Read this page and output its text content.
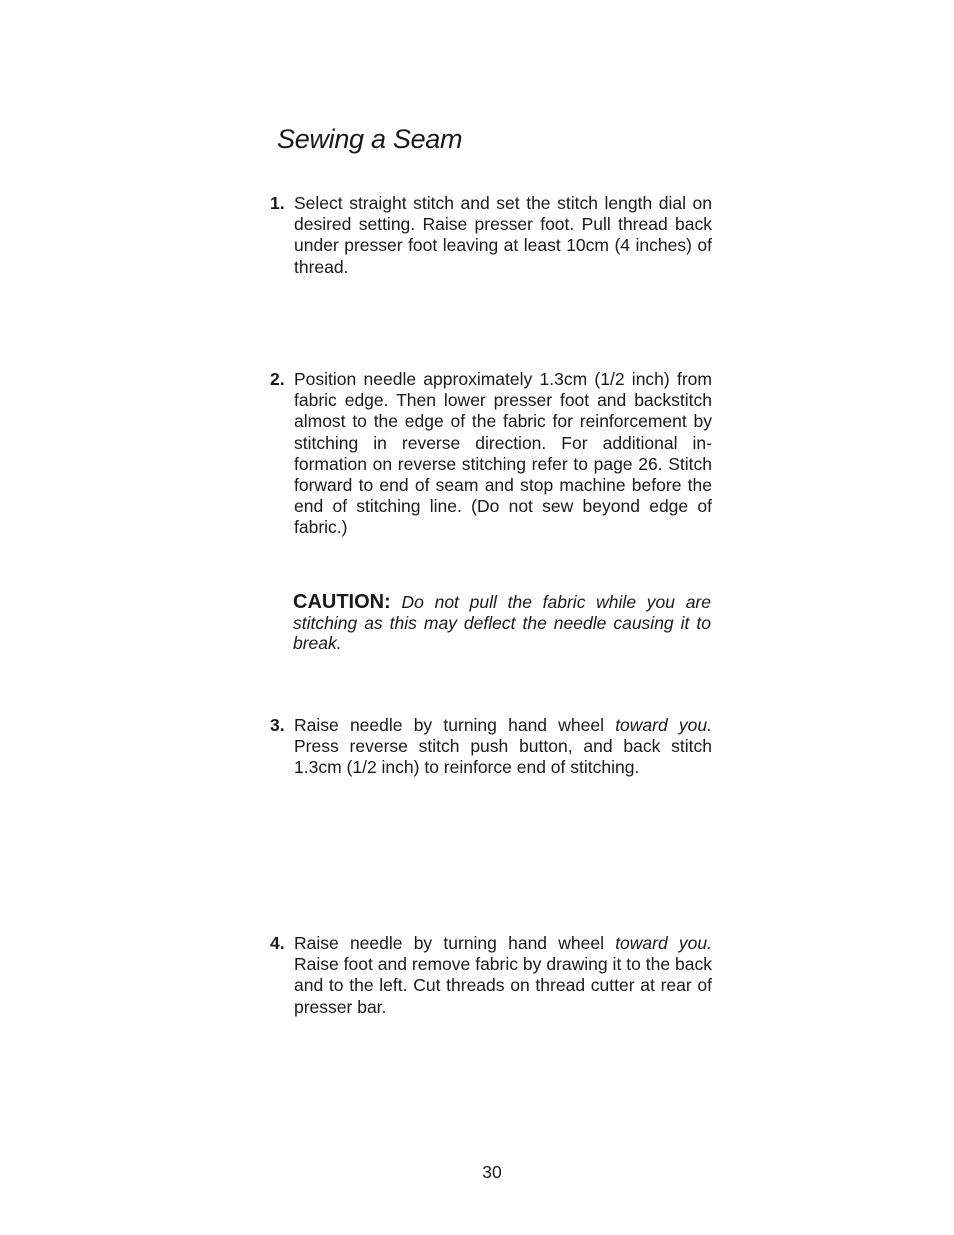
Sewing a Seam
1. Select straight stitch and set the stitch length dial on desired setting. Raise presser foot. Pull thread back under presser foot leaving at least 10cm (4 inches) of thread.
2. Position needle approximately 1.3cm (1/2 inch) from fabric edge. Then lower presser foot and backstitch almost to the edge of the fabric for reinforcement by stitching in reverse direction. For additional in-formation on reverse stitching refer to page 26. Stitch forward to end of seam and stop machine before the end of stitching line. (Do not sew beyond edge of fabric.)
CAUTION: Do not pull the fabric while you are stitching as this may deflect the needle causing it to break.
3. Raise needle by turning hand wheel toward you. Press reverse stitch push button, and back stitch 1.3cm (1/2 inch) to reinforce end of stitching.
4. Raise needle by turning hand wheel toward you. Raise foot and remove fabric by drawing it to the back and to the left. Cut threads on thread cutter at rear of presser bar.
30
